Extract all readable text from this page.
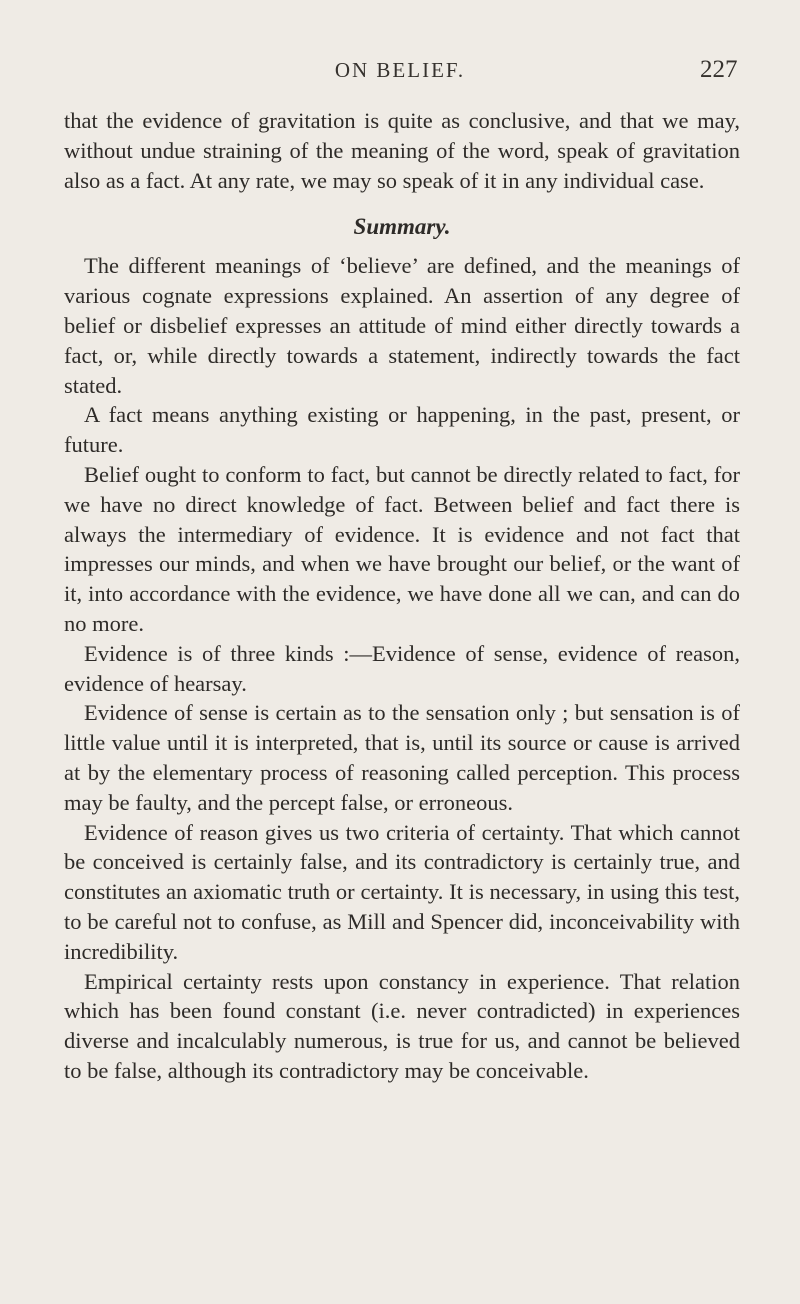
ON BELIEF.	227

that the evidence of gravitation is quite as conclusive, and that we may, without undue straining of the meaning of the word, speak of gravitation also as a fact. At any rate, we may so speak of it in any individual case.

Summary.

The different meanings of ‘believe’ are defined, and the meanings of various cognate expressions explained. An assertion of any degree of belief or disbelief expresses an attitude of mind either directly towards a fact, or, while directly towards a statement, indirectly towards the fact stated.

A fact means anything existing or happening, in the past, present, or future.

Belief ought to conform to fact, but cannot be directly related to fact, for we have no direct knowledge of fact. Between belief and fact there is always the intermediary of evidence. It is evidence and not fact that impresses our minds, and when we have brought our belief, or the want of it, into accordance with the evidence, we have done all we can, and can do no more.

Evidence is of three kinds :—Evidence of sense, evidence of reason, evidence of hearsay.

Evidence of sense is certain as to the sensation only ; but sensation is of little value until it is interpreted, that is, until its source or cause is arrived at by the elementary process of reasoning called perception. This process may be faulty, and the percept false, or erroneous.

Evidence of reason gives us two criteria of certainty. That which cannot be conceived is certainly false, and its contradictory is certainly true, and constitutes an axiomatic truth or certainty. It is necessary, in using this test, to be careful not to confuse, as Mill and Spencer did, inconceivability with incredibility.

Empirical certainty rests upon constancy in experience. That relation which has been found constant (i.e. never contradicted) in experiences diverse and incalculably numerous, is true for us, and cannot be believed to be false, although its contradictory may be conceivable.
